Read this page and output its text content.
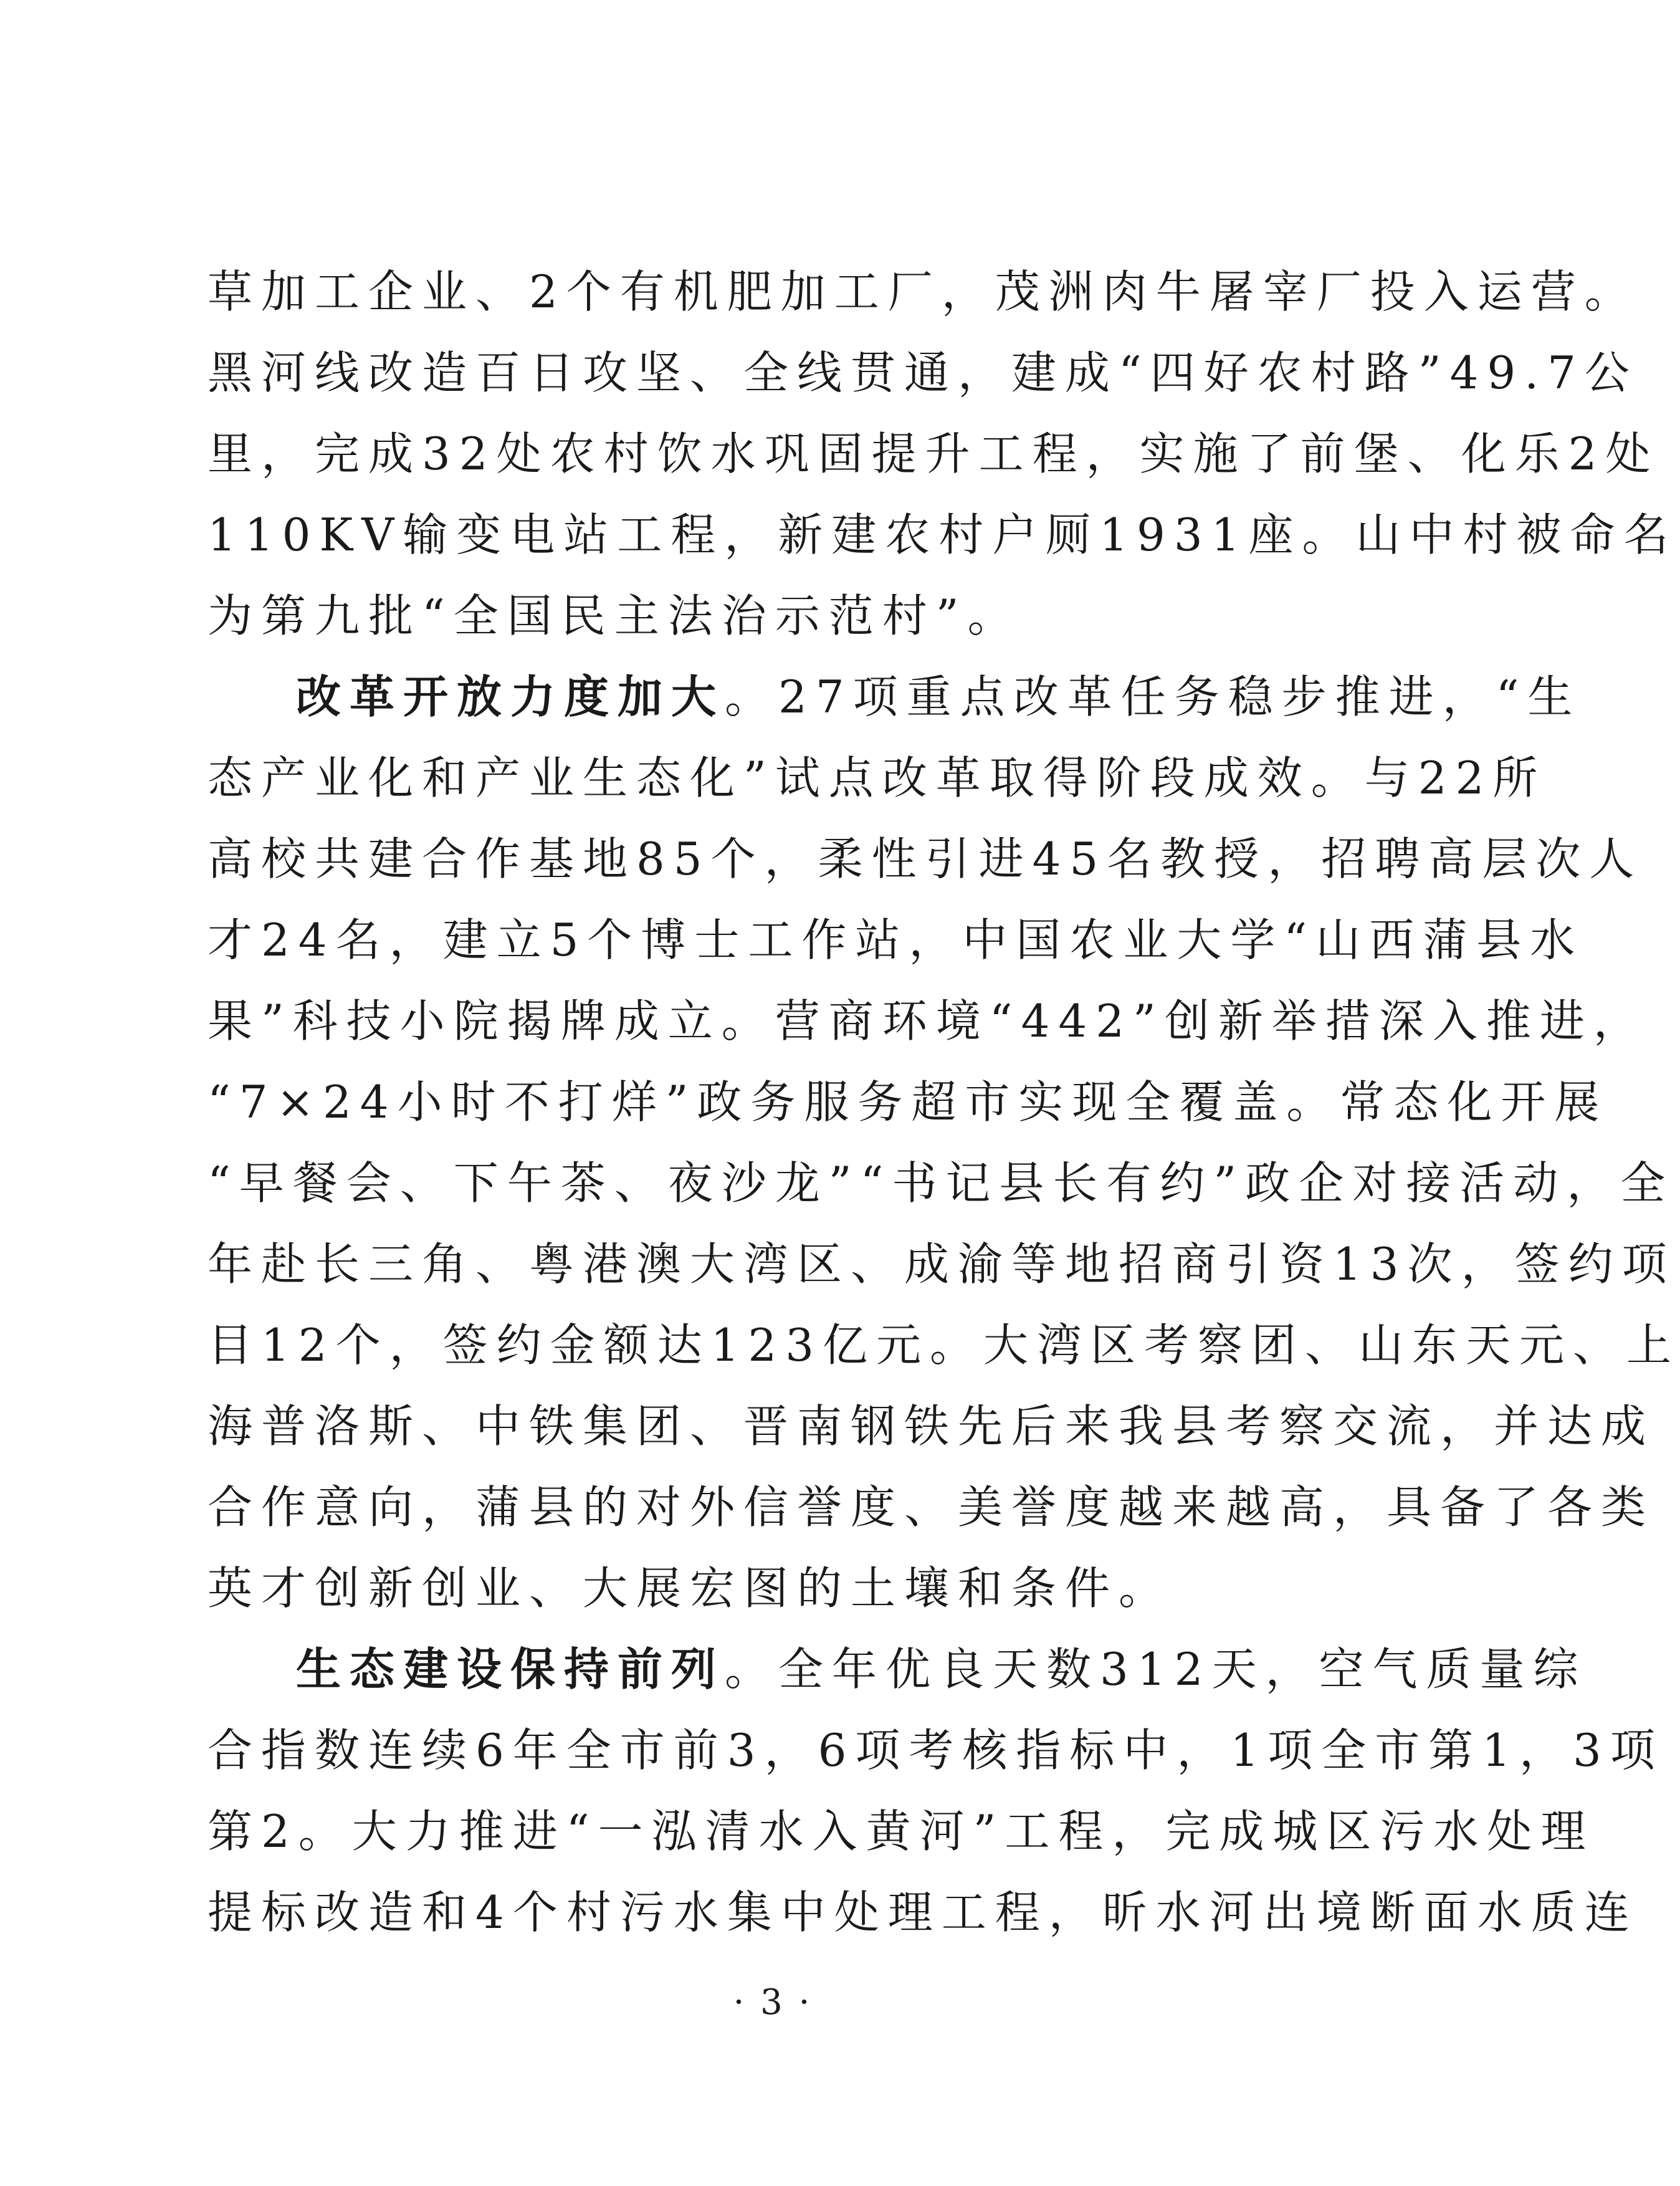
草加工企业、2个有机肥加工厂，茂洲肉牛屠宰厂投入运营。
黑河线改造百日攻坚、全线贯通，建成“四好农村路”49.7公
里，完成32处农村饮水巩固提升工程，实施了前堡、化乐2处
110KV输变电站工程，新建农村户厕1931座。山中村被命名
为第九批“全国民主法治示范村”。
改革开放力度加大。27项重点改革任务稳步推进，“生
态产业化和产业生态化”试点改革取得阶段成效。与22所
高校共建合作基地85个，柔性引进45名教授，招聘高层次人
才24名，建立5个博士工作站，中国农业大学“山西蒲县水
果”科技小院揭牌成立。营商环境“442”创新举措深入推进，
“7×24小时不打烊”政务服务超市实现全覆盖。常态化开展
“早餐会、下午茶、夜沙龙”“书记县长有约”政企对接活动，全
年赴长三角、粤港澳大湾区、成渝等地招商引资13次，签约项
目12个，签约金额达123亿元。大湾区考察团、山东天元、上
海普洛斯、中铁集团、晋南钢铁先后来我县考察交流，并达成
合作意向，蒲县的对外信誉度、美誉度越来越高，具备了各类
英才创新创业、大展宏图的土壤和条件。
生态建设保持前列。全年优良天数312天，空气质量综
合指数连续6年全市前3，6项考核指标中，1项全市第1，3项
第2。大力推进“一泓清水入黄河”工程，完成城区污水处理
提标改造和4个村污水集中处理工程，昕水河出境断面水质连
· 3 ·
